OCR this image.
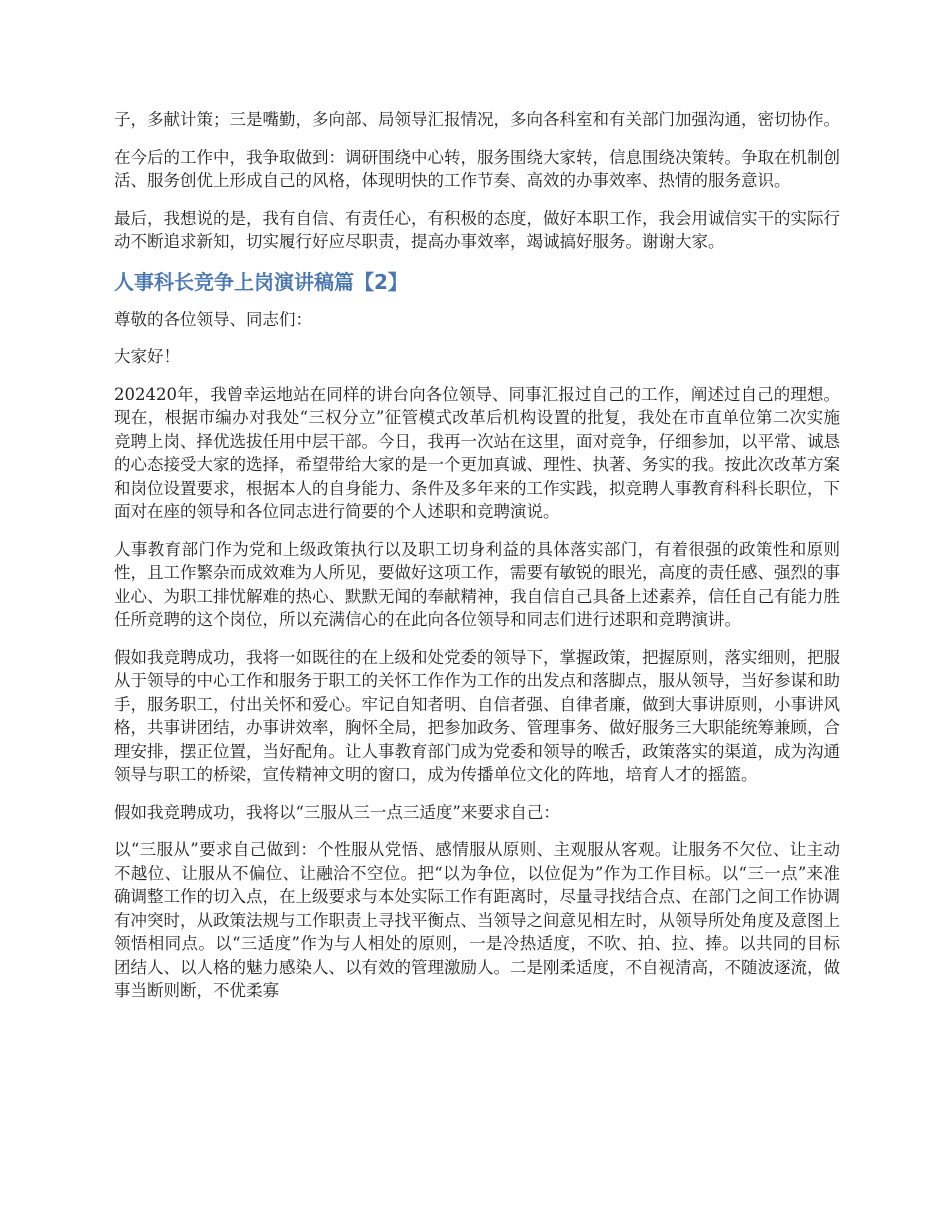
子，多献计策；三是嘴勤，多向部、局领导汇报情况，多向各科室和有关部门加强沟通，密切协作。

在今后的工作中，我争取做到：调研围绕中心转，服务围绕大家转，信息围绕决策转。争取在机制创活、服务创优上形成自己的风格，体现明快的工作节奏、高效的办事效率、热情的服务意识。

最后，我想说的是，我有自信、有责任心，有积极的态度，做好本职工作，我会用诚信实干的实际行动不断追求新知，切实履行好应尽职责，提高办事效率，竭诚搞好服务。谢谢大家。

人事科长竞争上岗演讲稿篇【2】

尊敬的各位领导、同志们：

大家好！

202420年，我曾幸运地站在同样的讲台向各位领导、同事汇报过自己的工作，阐述过自己的理想。现在，根据市编办对我处“三权分立”征管模式改革后机构设置的批复，我处在市直单位第二次实施竞聘上岗、择优选拔任用中层干部。今日，我再一次站在这里，面对竞争，仔细参加，以平常、诚恳的心态接受大家的选择，希望带给大家的是一个更加真诚、理性、执著、务实的我。按此次改革方案和岗位设置要求，根据本人的自身能力、条件及多年来的工作实践，拟竞聘人事教育科科长职位，下面对在座的领导和各位同志进行简要的个人述职和竞聘演说。

人事教育部门作为党和上级政策执行以及职工切身利益的具体落实部门，有着很强的政策性和原则性，且工作繁杂而成效难为人所见，要做好这项工作，需要有敏锐的眼光，高度的责任感、强烈的事业心、为职工排忧解难的热心、默默无闻的奉献精神，我自信自己具备上述素养，信任自己有能力胜任所竞聘的这个岗位，所以充满信心的在此向各位领导和同志们进行述职和竞聘演讲。

假如我竞聘成功，我将一如既往的在上级和处党委的领导下，掌握政策，把握原则，落实细则，把服从于领导的中心工作和服务于职工的关怀工作作为工作的出发点和落脚点，服从领导，当好参谋和助手，服务职工，付出关怀和爱心。牢记自知者明、自信者强、自律者廉，做到大事讲原则，小事讲风格，共事讲团结，办事讲效率，胸怀全局，把参加政务、管理事务、做好服务三大职能统筹兼顾，合理安排，摆正位置，当好配角。让人事教育部门成为党委和领导的喉舌，政策落实的渠道，成为沟通领导与职工的桥梁，宣传精神文明的窗口，成为传播单位文化的阵地，培育人才的摇篮。

假如我竞聘成功，我将以“三服从三一点三适度”来要求自己：

以“三服从”要求自己做到：个性服从党悟、感情服从原则、主观服从客观。让服务不欠位、让主动不越位、让服从不偏位、让融洽不空位。把“以为争位，以位促为”作为工作目标。以“三一点”来准确调整工作的切入点，在上级要求与本处实际工作有距离时，尽量寻找结合点、在部门之间工作协调有冲突时，从政策法规与工作职责上寻找平衡点、当领导之间意见相左时，从领导所处角度及意图上领悟相同点。以“三适度”作为与人相处的原则，一是冷热适度，不吹、拍、拉、捧。以共同的目标团结人、以人格的魅力感染人、以有效的管理激励人。二是刚柔适度，不自视清高，不随波逐流，做事当断则断，不优柔寡
